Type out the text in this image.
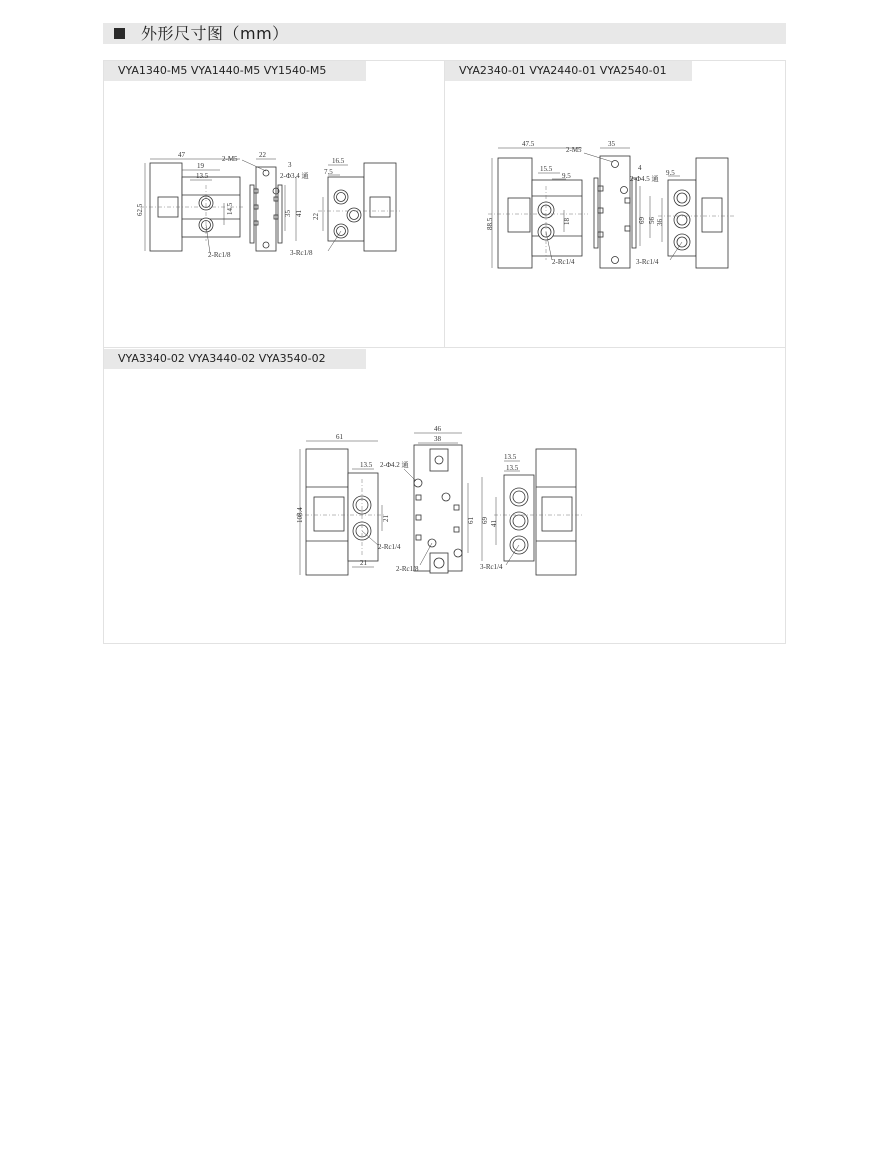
外形尺寸图（mm）
VYA1340-M5 VYA1440-M5 VY1540-M5	VYA2340-01 VYA2440-01 VYA2540-01
VYA3340-02 VYA3440-02 VYA3540-02
47
19
13.5
62.5	14.5
2-Rc1/8
22
2-M5
3
2-Φ3.4 通
35 41
16.5
7.5
22
3-Rc1/8
47.5
15.5
9.5
88.5	18
2-Rc1/4
35
2-M5
4
2-Φ4.5 通
69 56
9.5
36
3-Rc1/4
61
13.5
108.4	21
21
2-Rc1/4
46
38
2-Φ4.2 通
61 69
2-Rc1/8
13.5
13.5
41
3-Rc1/4
